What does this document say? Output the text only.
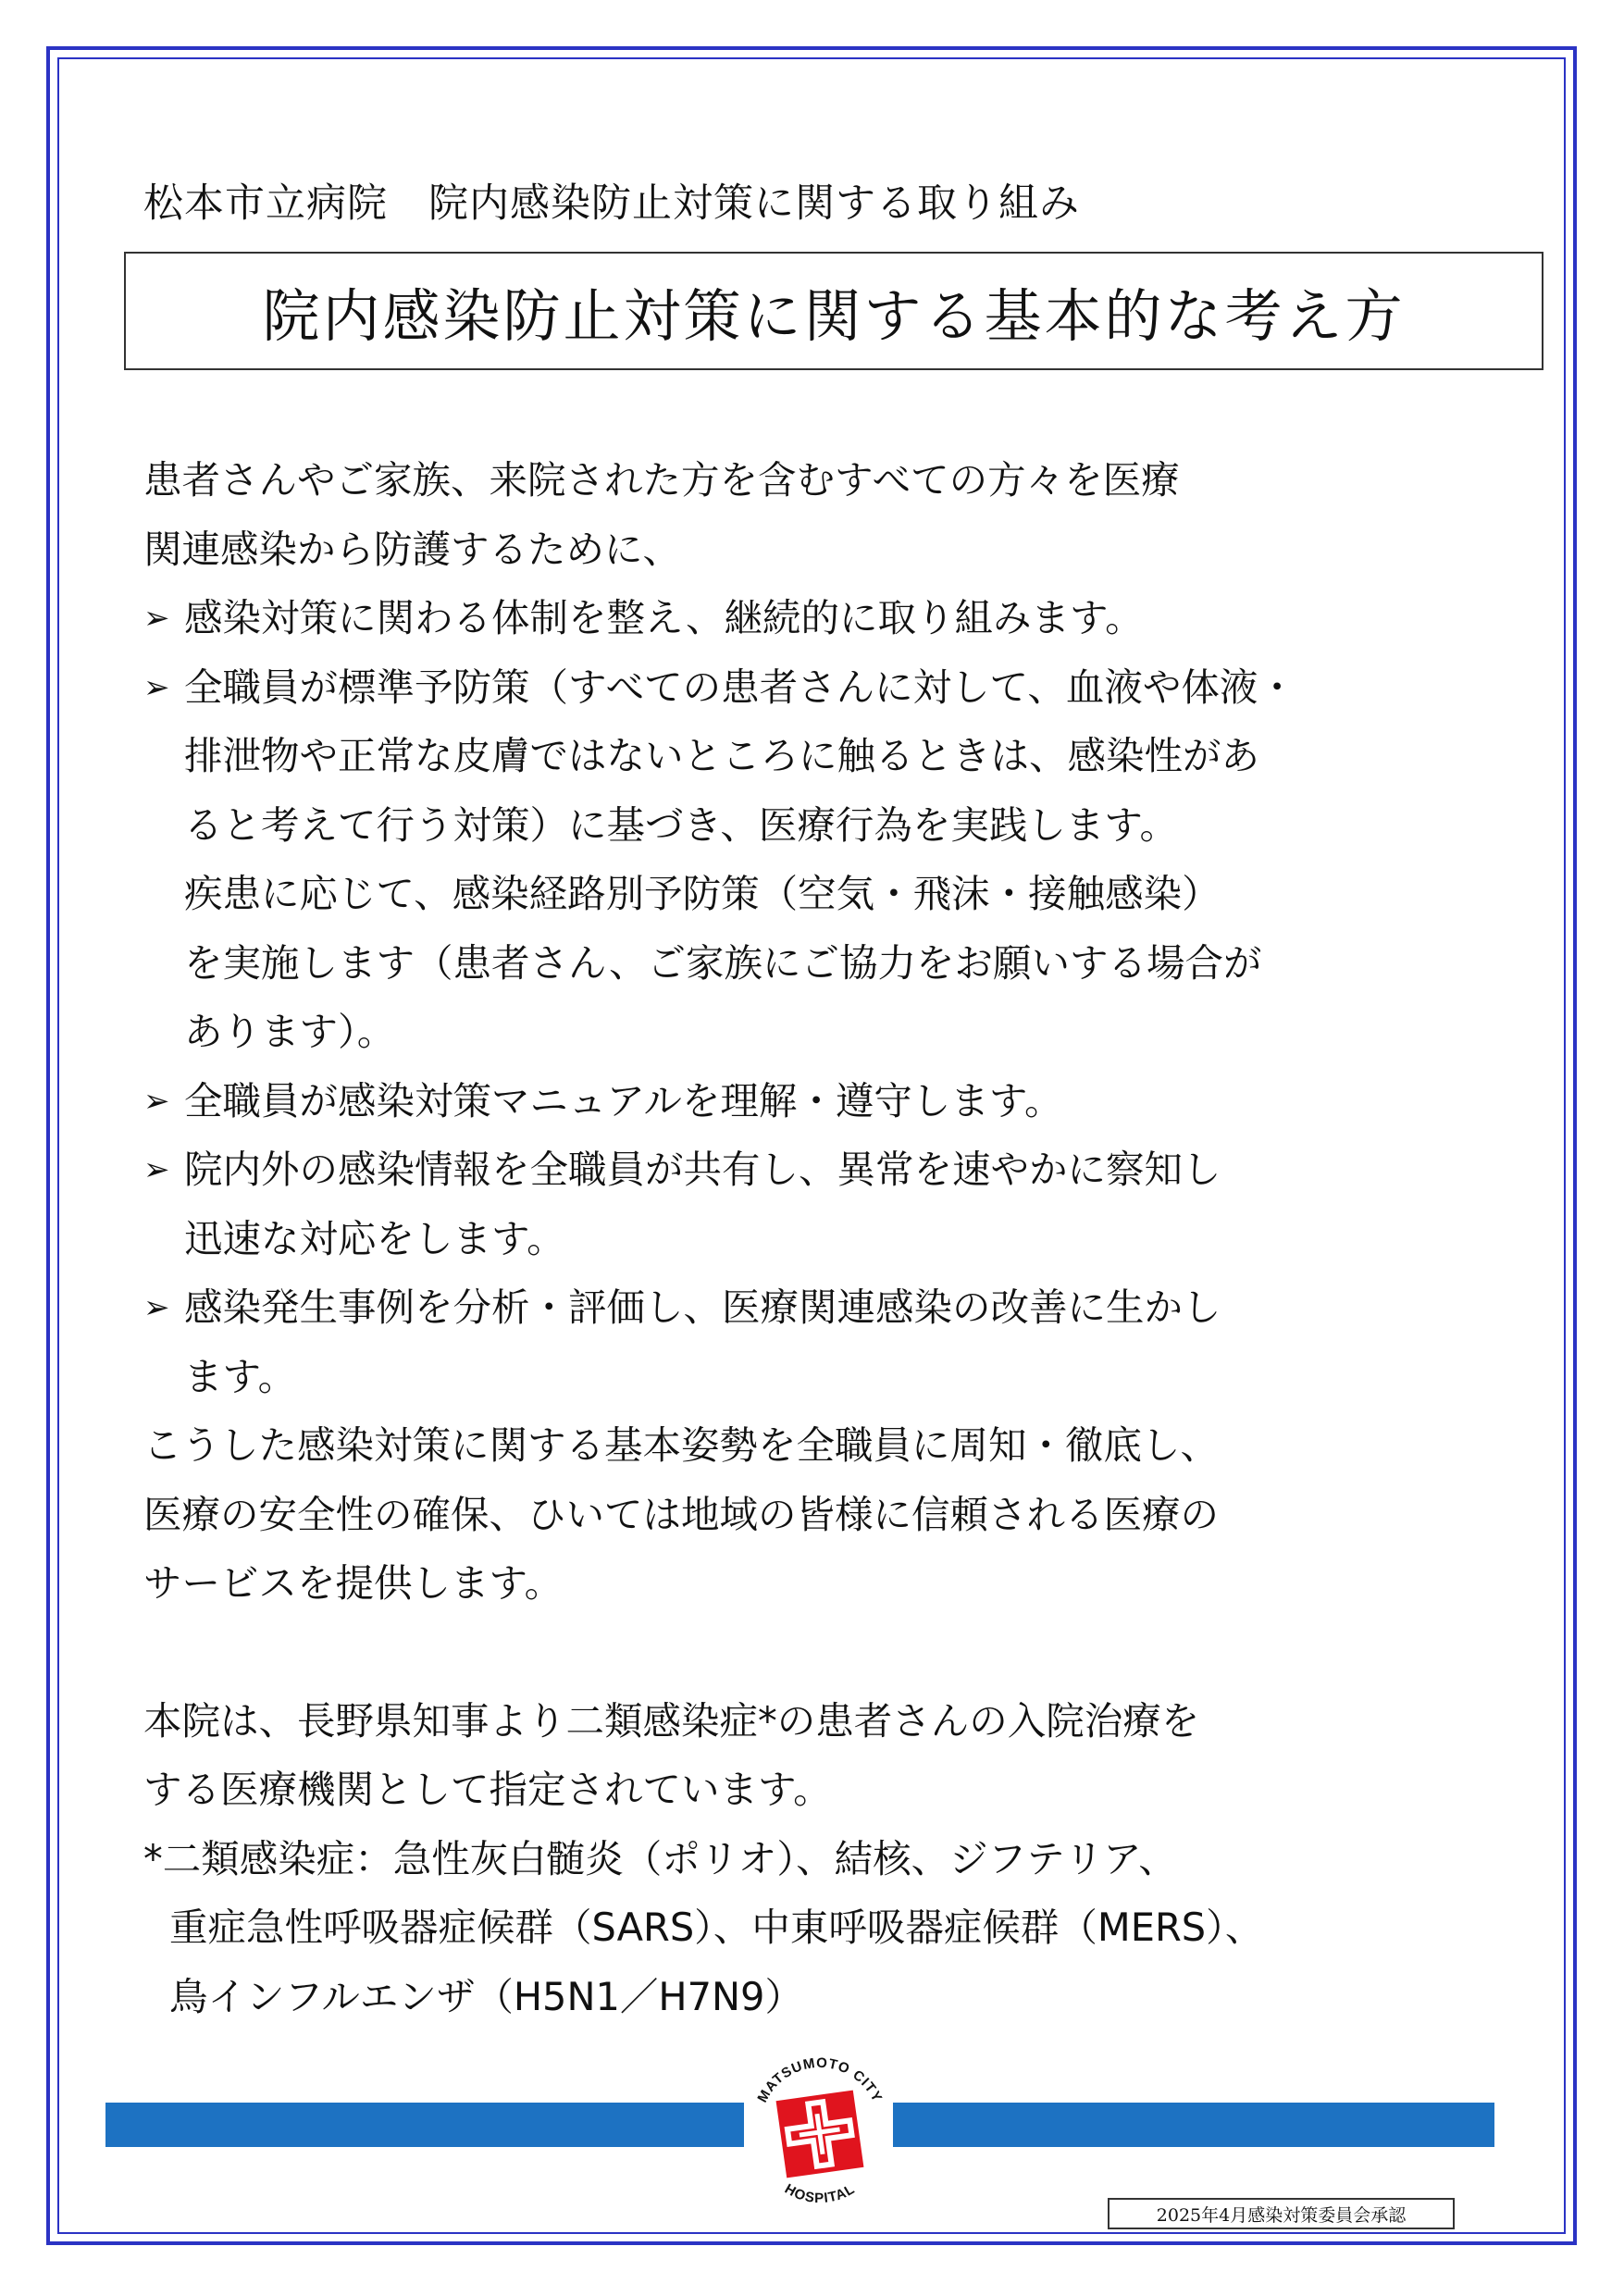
松本市立病院　院内感染防止対策に関する取り組み
院内感染防止対策に関する基本的な考え方
患者さんやご家族、来院された方を含むすべての方々を医療
関連感染から防護するために、
➢ 感染対策に関わる体制を整え、継続的に取り組みます。
➢ 全職員が標準予防策（すべての患者さんに対して、血液や体液・
排泄物や正常な皮膚ではないところに触るときは、感染性があ
ると考えて行う対策）に基づき、医療行為を実践します。
疾患に応じて、感染経路別予防策（空気・飛沫・接触感染）
を実施します（患者さん、ご家族にご協力をお願いする場合が
あります）。
➢ 全職員が感染対策マニュアルを理解・遵守します。
➢ 院内外の感染情報を全職員が共有し、異常を速やかに察知し
迅速な対応をします。
➢ 感染発生事例を分析・評価し、医療関連感染の改善に生かし
ます。
こうした感染対策に関する基本姿勢を全職員に周知・徹底し、
医療の安全性の確保、ひいては地域の皆様に信頼される医療の
サービスを提供します。
本院は、長野県知事より二類感染症*の患者さんの入院治療を
する医療機関として指定されています。
*二類感染症：急性灰白髄炎（ポリオ）、結核、ジフテリア、
重症急性呼吸器症候群（SARS）、中東呼吸器症候群（MERS）、
鳥インフルエンザ（H5N1／H7N9）
MATSUMOTO CITY
HOSPITAL
2025年4月感染対策委員会承認
